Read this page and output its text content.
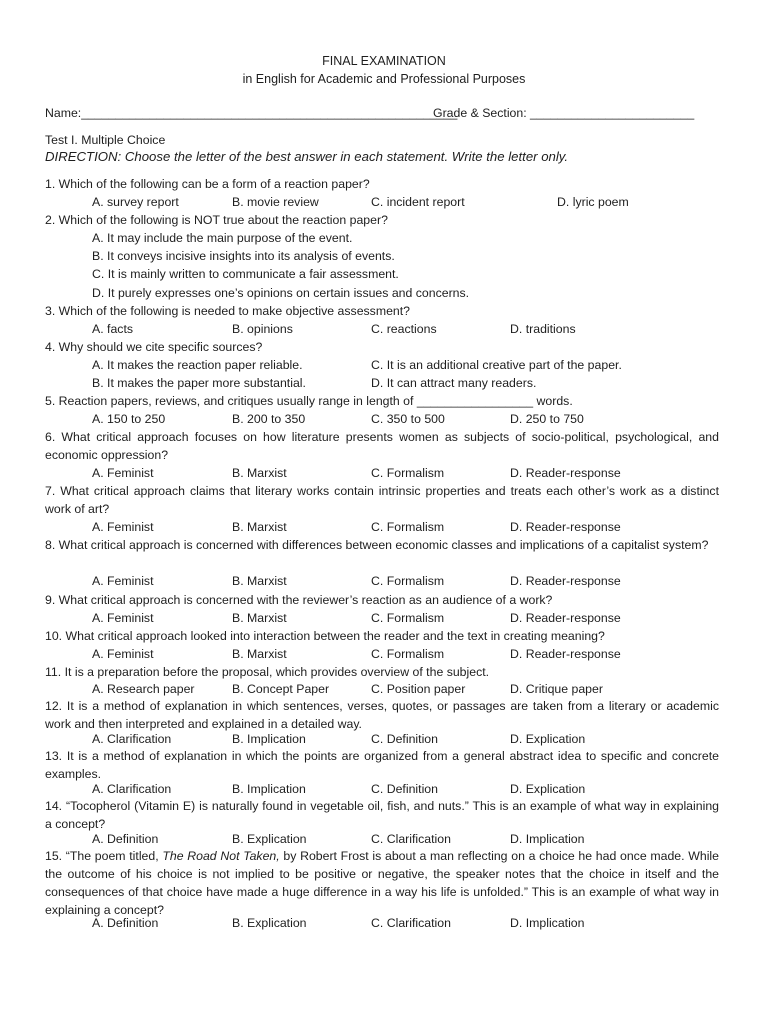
FINAL EXAMINATION
in English for Academic and Professional Purposes
Name:_______________________________________________________
Grade & Section: ________________________
Test I. Multiple Choice
DIRECTION: Choose the letter of the best answer in each statement. Write the letter only.
1. Which of the following can be a form of a reaction paper?
A. survey report	B. movie review	C. incident report	D. lyric poem
2. Which of the following is NOT true about the reaction paper?
A. It may include the main purpose of the event.
B. It conveys incisive insights into its analysis of events.
C. It is mainly written to communicate a fair assessment.
D. It purely expresses one’s opinions on certain issues and concerns.
3. Which of the following is needed to make objective assessment?
A. facts	B. opinions	C. reactions	D. traditions
4. Why should we cite specific sources?
A. It makes the reaction paper reliable.	C. It is an additional creative part of the paper.
B. It makes the paper more substantial.	D. It can attract many readers.
5. Reaction papers, reviews, and critiques usually range in length of _________________ words.
A. 150 to 250	B. 200 to 350	C. 350 to 500	D. 250 to 750
6. What critical approach focuses on how literature presents women as subjects of socio-political, psychological, and economic oppression?
A. Feminist	B. Marxist	C. Formalism	D. Reader-response
7. What critical approach claims that literary works contain intrinsic properties and treats each other’s work as a distinct work of art?
A. Feminist	B. Marxist	C. Formalism	D. Reader-response
8. What critical approach is concerned with differences between economic classes and implications of a capitalist system?
A. Feminist	B. Marxist	C. Formalism	D. Reader-response
9. What critical approach is concerned with the reviewer’s reaction as an audience of a work?
A. Feminist	B. Marxist	C. Formalism	D. Reader-response
10. What critical approach looked into interaction between the reader and the text in creating meaning?
A. Feminist	B. Marxist	C. Formalism	D. Reader-response
11. It is a preparation before the proposal, which provides overview of the subject.
A. Research paper	B. Concept Paper	C. Position paper	D. Critique paper
12. It is a method of explanation in which sentences, verses, quotes, or passages are taken from a literary or academic work and then interpreted and explained in a detailed way.
A. Clarification	B. Implication	C. Definition	D. Explication
13. It is a method of explanation in which the points are organized from a general abstract idea to specific and concrete examples.
A. Clarification	B. Implication	C. Definition	D. Explication
14. “Tocopherol (Vitamin E) is naturally found in vegetable oil, fish, and nuts.” This is an example of what way in explaining a concept?
A. Definition	B. Explication	C. Clarification	D. Implication
15. “The poem titled, The Road Not Taken, by Robert Frost is about a man reflecting on a choice he had once made. While the outcome of his choice is not implied to be positive or negative, the speaker notes that the choice in itself and the consequences of that choice have made a huge difference in a way his life is unfolded.” This is an example of what way in explaining a concept?
A. Definition	B. Explication	C. Clarification	D. Implication
